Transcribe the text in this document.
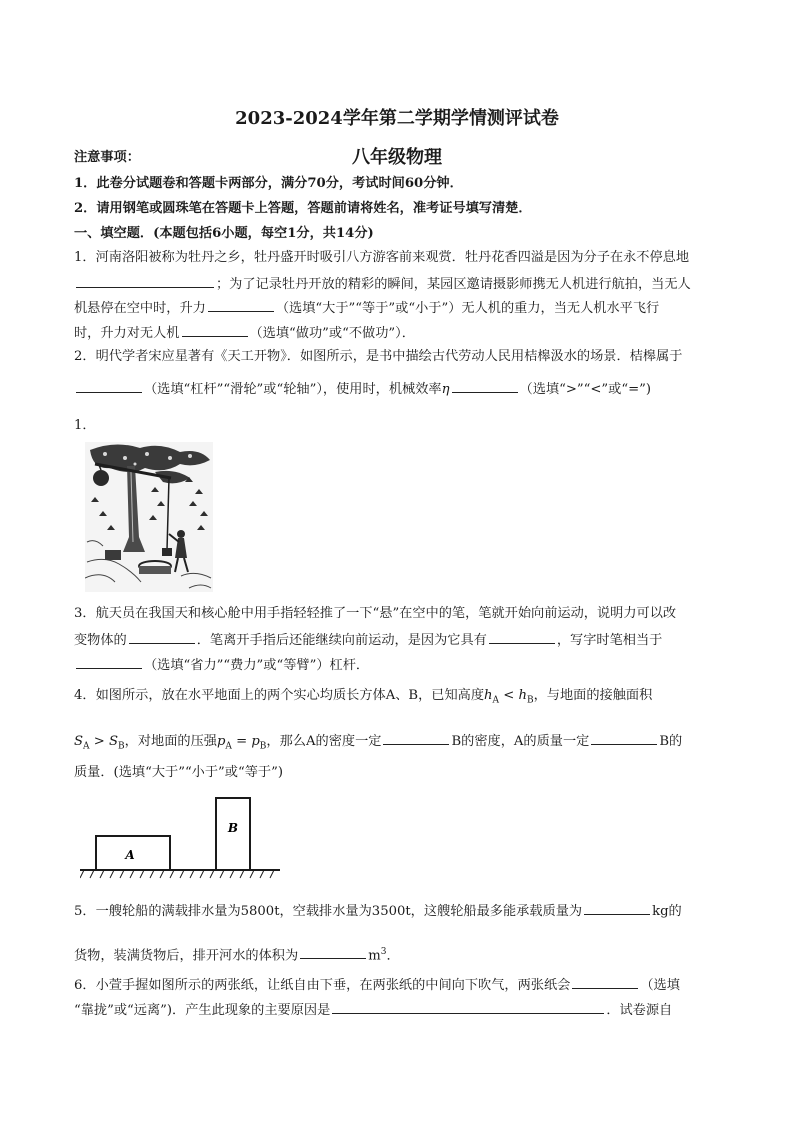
2023-2024学年第二学期学情测评试卷
八年级物理
注意事项：
1．此卷分试题卷和答题卡两部分，满分70分，考试时间60分钟．
2．请用钢笔或圆珠笔在答题卡上答题，答题前请将姓名，准考证号填写清楚．
一、填空题．(本题包括6小题，每空1分，共14分)
1．河南洛阳被称为牡丹之乡，牡丹盛开时吸引八方游客前来观赏．牡丹花香四溢是因为分子在永不停息地
；为了记录牡丹开放的精彩的瞬间，某园区邀请摄影师携无人机进行航拍，当无人
机悬停在空中时，升力	（选填“大于”“等于”或“小于”）无人机的重力，当无人机水平飞行
时，升力对无人机	（选填“做功”或“不做功”）．
2．明代学者宋应星著有《天工开物》．如图所示，是书中描绘古代劳动人民用桔槔汲水的场景．桔槔属于
（选填“杠杆”“滑轮”或“轮轴”），使用时，机械效率η	（选填“>”“<”或“=”)
1．
3．航天员在我国天和核心舱中用手指轻轻推了一下“悬”在空中的笔，笔就开始向前运动，说明力可以改
变物体的	．笔离开手指后还能继续向前运动，是因为它具有	，写字时笔相当于
（选填“省力”“费力”或“等臂”）杠杆．
4．如图所示，放在水平地面上的两个实心均质长方体A、B，已知高度$h_A < h_B$，与地面的接触面积
$S_A > S_B$，对地面的压强$p_A = p_B$，那么A的密度一定	B的密度，A的质量一定	B的
质量．(选填“大于”“小于”或“等于”)
A
B
5．一艘轮船的满载排水量为5800t，空载排水量为3500t，这艘轮船最多能承载质量为	kg的
货物，装满货物后，排开河水的体积为	$m^3$．
6．小萱手握如图所示的两张纸，让纸自由下垂，在两张纸的中间向下吹气，两张纸会	（选填
“靠拢”或“远离”)．产生此现象的主要原因是	．试卷源自
